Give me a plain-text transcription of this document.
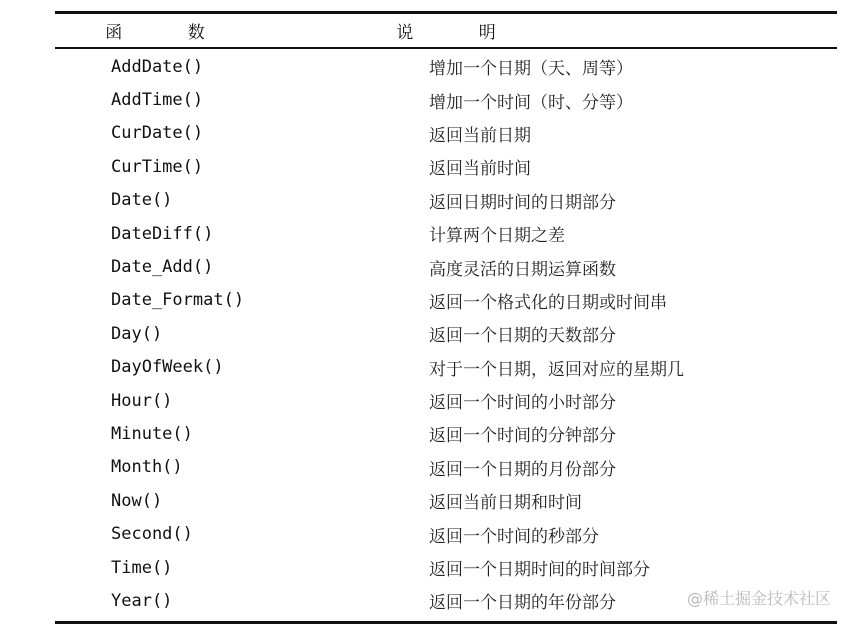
函 数	说 明
AddDate()	增加一个日期（天、周等）
AddTime()	增加一个时间（时、分等）
CurDate()	返回当前日期
CurTime()	返回当前时间
Date()	返回日期时间的日期部分
DateDiff()	计算两个日期之差
Date_Add()	高度灵活的日期运算函数
Date_Format()	返回一个格式化的日期或时间串
Day()	返回一个日期的天数部分
DayOfWeek()	对于一个日期，返回对应的星期几
Hour()	返回一个时间的小时部分
Minute()	返回一个时间的分钟部分
Month()	返回一个日期的月份部分
Now()	返回当前日期和时间
Second()	返回一个时间的秒部分
Time()	返回一个日期时间的时间部分
Year()	返回一个日期的年份部分	@稀土掘金技术社区
